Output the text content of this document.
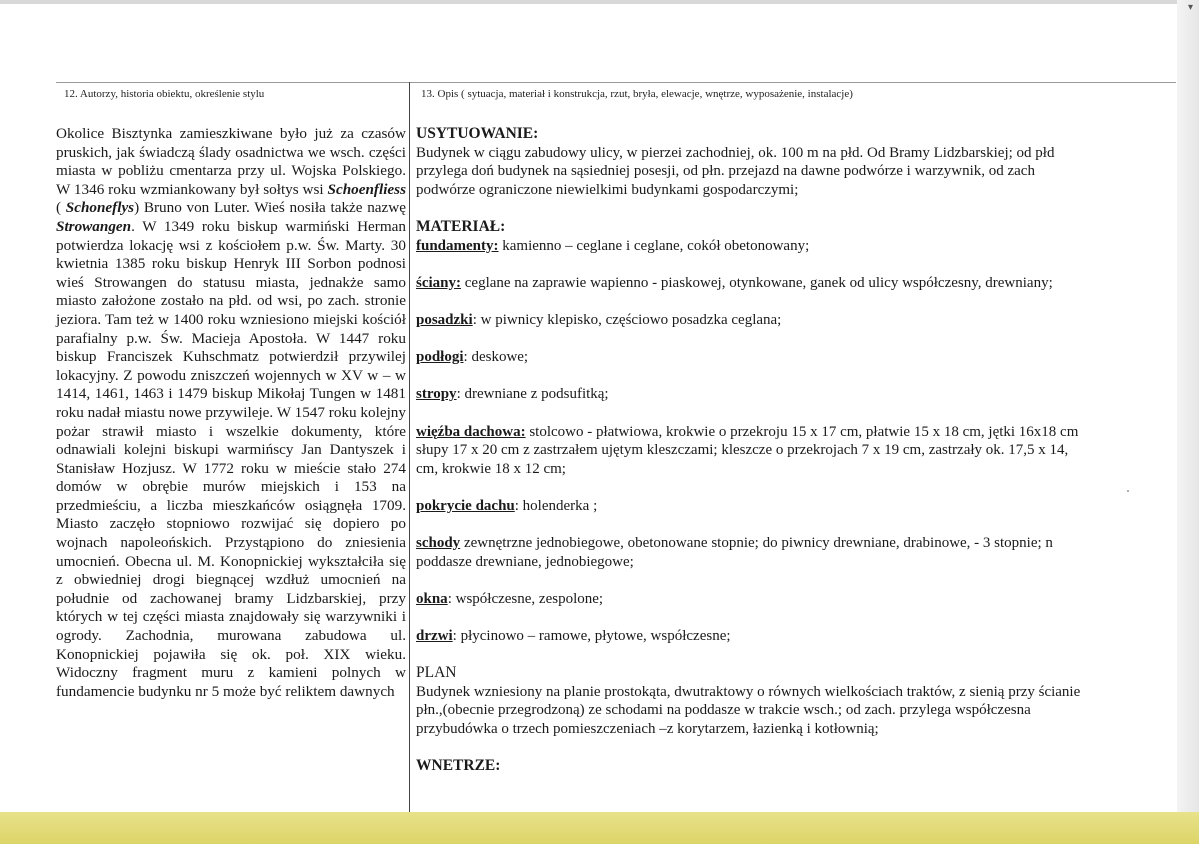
▾
12. Autorzy, historia obiektu, określenie stylu	13. Opis ( sytuacja, materiał i konstrukcja, rzut, bryła, elewacje, wnętrze, wyposażenie, instalacje)
Okolice Bisztynka zamieszkiwane było już za czasów pruskich, jak świadczą ślady osadnictwa we wsch. części miasta w pobliżu cmentarza przy ul. Wojska Polskiego. W 1346 roku wzmiankowany był sołtys wsi Schoenfliess ( Schoneflys) Bruno von Luter. Wieś nosiła także nazwę Strowangen. W 1349 roku biskup warmiński Herman potwierdza lokację wsi z kościołem p.w. Św. Marty. 30 kwietnia 1385 roku biskup Henryk III Sorbon podnosi wieś Strowangen do statusu miasta, jednakże samo miasto założone zostało na płd. od wsi, po zach. stronie jeziora. Tam też w 1400 roku wzniesiono miejski kościół parafialny p.w. Św. Macieja Apostoła. W 1447 roku biskup Franciszek Kuhschmatz potwierdził przywilej lokacyjny. Z powodu zniszczeń wojennych w XV w – w 1414, 1461, 1463 i 1479 biskup Mikołaj Tungen w 1481 roku nadał miastu nowe przywileje. W 1547 roku kolejny pożar strawił miasto i wszelkie dokumenty, które odnawiali kolejni biskupi warmińscy Jan Dantyszek i Stanisław Hozjusz. W 1772 roku w mieście stało 274 domów w obrębie murów miejskich i 153 na przedmieściu, a liczba mieszkańców osiągnęła 1709. Miasto zaczęło stopniowo rozwijać się dopiero po wojnach napoleońskich. Przystąpiono do zniesienia umocnień. Obecna ul. M. Konopnickiej wykształciła się z obwiedniej drogi biegnącej wzdłuż umocnień na południe od zachowanej bramy Lidzbarskiej, przy których w tej części miasta znajdowały się warzywniki i ogrody. Zachodnia, murowana zabudowa ul. Konopnickiej pojawiła się ok. poł. XIX wieku. Widoczny fragment muru z kamieni polnych w fundamencie budynku nr 5 może być reliktem dawnych
USYTUOWANIE:
Budynek w ciągu zabudowy ulicy, w pierzei zachodniej, ok. 100 m na płd. Od Bramy Lidzbarskiej; od płd
przylega doń budynek na sąsiedniej posesji, od płn. przejazd na dawne podwórze i warzywnik, od zach
podwórze ograniczone niewielkimi budynkami gospodarczymi;
MATERIAŁ:
fundamenty: kamienno – ceglane i ceglane, cokół obetonowany;
ściany: ceglane na zaprawie wapienno - piaskowej, otynkowane, ganek od ulicy współczesny, drewniany;
posadzki: w piwnicy klepisko, częściowo posadzka ceglana;
podłogi: deskowe;
stropy: drewniane z podsufitką;
więźba dachowa: stolcowo - płatwiowa, krokwie o przekroju 15 x 17 cm, płatwie 15 x 18 cm, jętki 16x18 cm
słupy 17 x 20 cm z zastrzałem ujętym kleszczami; kleszcze o przekrojach 7 x 19 cm, zastrzały ok. 17,5 x 14,
cm, krokwie 18 x 12 cm;
pokrycie dachu: holenderka ;
schody zewnętrzne jednobiegowe, obetonowane stopnie; do piwnicy drewniane, drabinowe, - 3 stopnie; n
poddasze drewniane, jednobiegowe;
okna: współczesne, zespolone;
drzwi: płycinowo – ramowe, płytowe, współczesne;
PLAN
Budynek wzniesiony na planie prostokąta, dwutraktowy o równych wielkościach traktów, z sienią przy ścianie
płn.,(obecnie przegrodzoną) ze schodami na poddasze w trakcie wsch.; od zach. przylega współczesna
przybudówka o trzech pomieszczeniach –z korytarzem, łazienką i kotłownią;
WNETRZE:
